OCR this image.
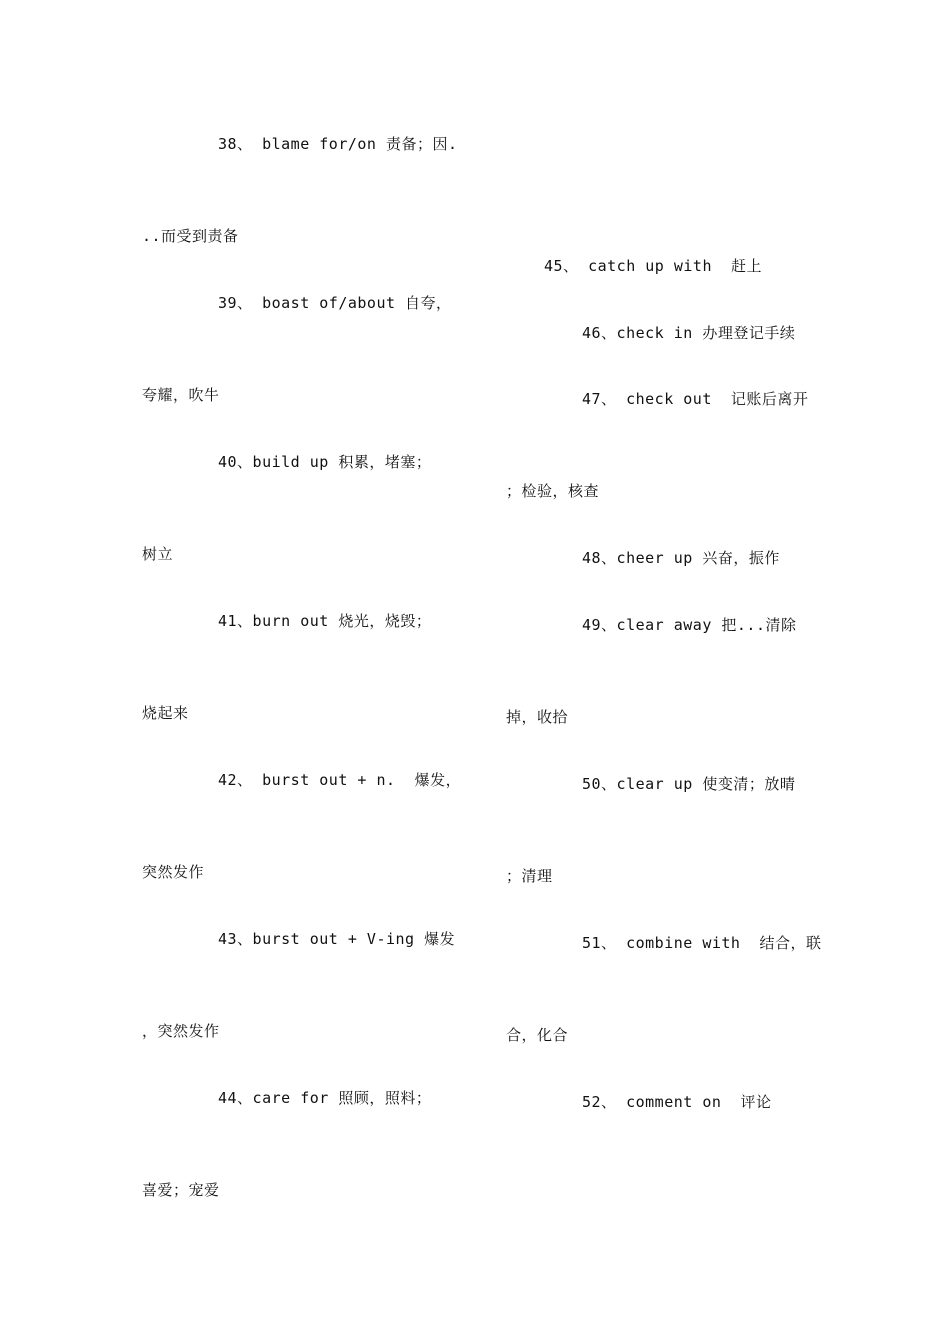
38、 blame for/on 责备；因.
..而受到责备
39、 boast of/about 自夸，
夸耀，吹牛
40、build up 积累，堵塞；
树立
41、burn out 烧光，烧毁；
烧起来
42、 burst out + n.  爆发，
突然发作
43、burst out + V-ing 爆发
，突然发作
44、care for 照顾，照料；
喜爱；宠爱
45、 catch up with  赶上
46、check in 办理登记手续
47、 check out  记账后离开
；检验，核查
48、cheer up 兴奋，振作
49、clear away 把...清除
掉，收拾
50、clear up 使变清；放晴
；清理
51、 combine with  结合，联
合，化合
52、 comment on  评论
